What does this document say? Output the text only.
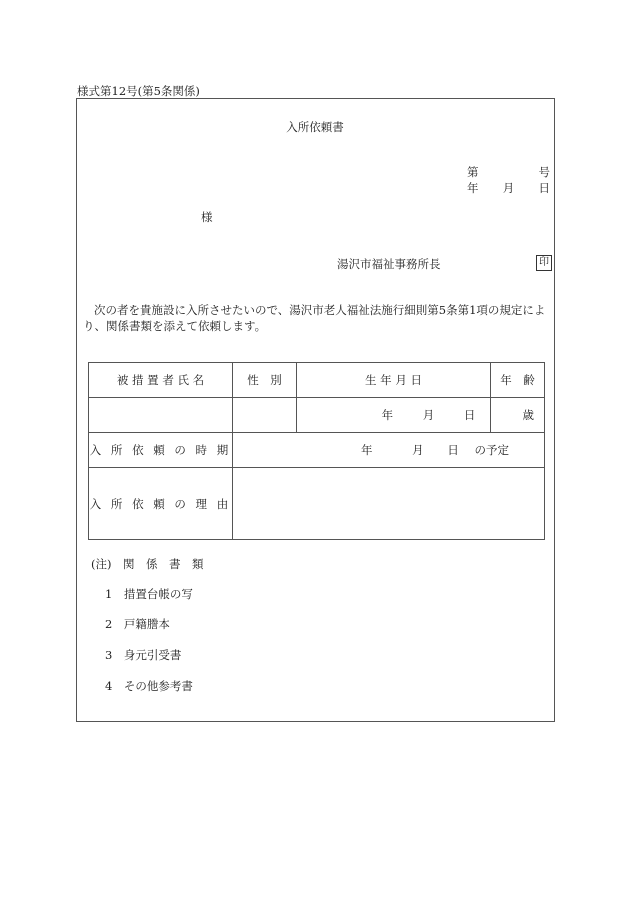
様式第12号(第5条関係)
入所依頼書
第	号
年 月 日
様
湯沢市福祉事務所長	印
次の者を貴施設に入所させたいので、湯沢市老人福祉法施行細則第5条第1項の規定により、関係書類を添えて依頼します。
被 措 置 者 氏 名	性　別	生 年 月 日	年　齢
		年 月 日	歳
入 所 依 頼 の 時 期	年 月 日 の予定		
入 所 依 頼 の 理 由			
(注)　関　係　書　類
1　措置台帳の写
2　戸籍謄本
3　身元引受書
4　その他参考書
